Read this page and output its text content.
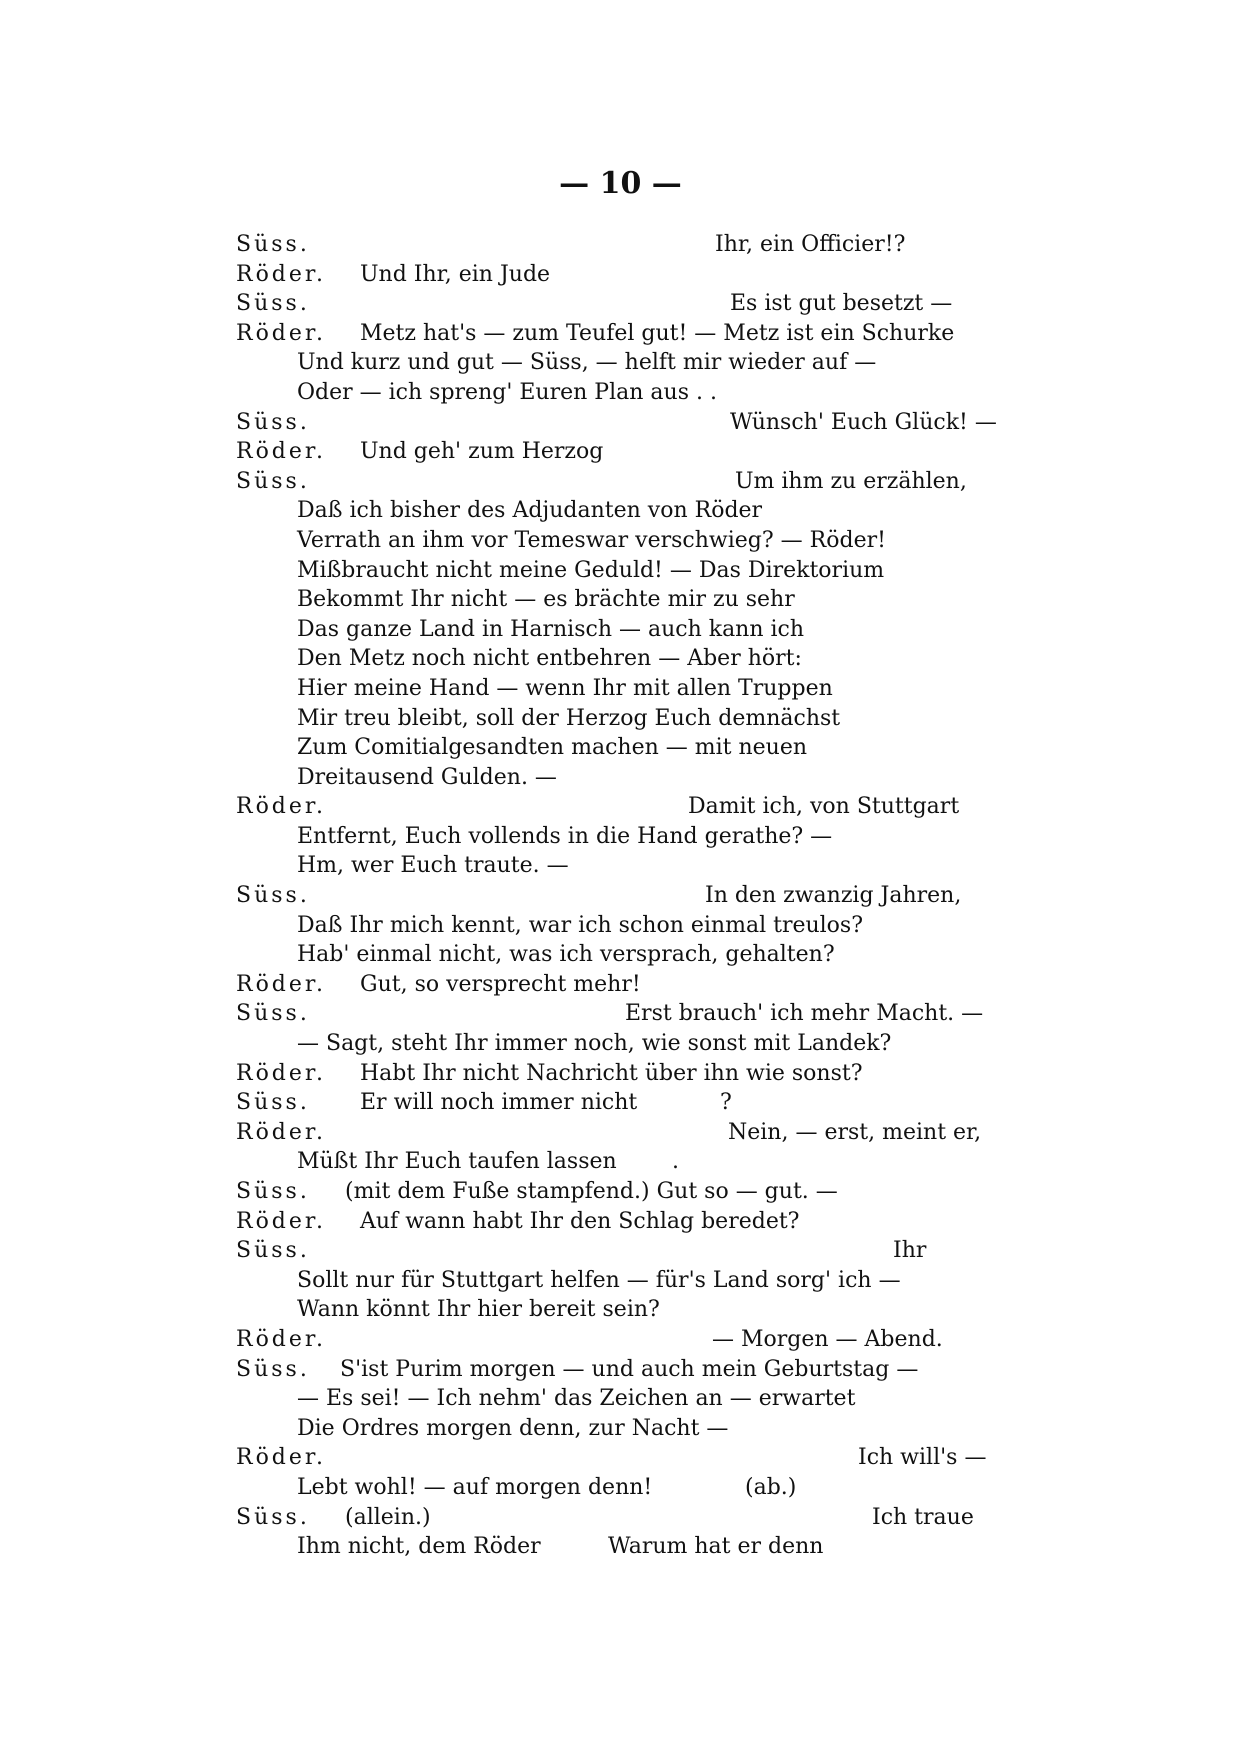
— 10 —
Süss.	Ihr, ein Officier!?
Röder. Und Ihr, ein Jude
Süss.	Es ist gut besetzt —
Röder. Metz hat's — zum Teufel gut! — Metz ist ein Schurke
Und kurz und gut — Süss, — helft mir wieder auf —
Oder — ich spreng' Euren Plan aus . .
Süss.	Wünsch' Euch Glück! —
Röder. Und geh' zum Herzog
Süss.	Um ihm zu erzählen,
Daß ich bisher des Adjudanten von Röder
Verrath an ihm vor Temeswar verschwieg? — Röder!
Mißbraucht nicht meine Geduld! — Das Direktorium
Bekommt Ihr nicht — es brächte mir zu sehr
Das ganze Land in Harnisch — auch kann ich
Den Metz noch nicht entbehren — Aber hört:
Hier meine Hand — wenn Ihr mit allen Truppen
Mir treu bleibt, soll der Herzog Euch demnächst
Zum Comitialgesandten machen — mit neuen
Dreitausend Gulden. —
Röder.	Damit ich, von Stuttgart
Entfernt, Euch vollends in die Hand gerathe? —
Hm, wer Euch traute. —
Süss.	In den zwanzig Jahren,
Daß Ihr mich kennt, war ich schon einmal treulos?
Hab' einmal nicht, was ich versprach, gehalten?
Röder. Gut, so versprecht mehr!
Süss.	Erst brauch' ich mehr Macht. —
— Sagt, steht Ihr immer noch, wie sonst mit Landek?
Röder. Habt Ihr nicht Nachricht über ihn wie sonst?
Süss. Er will noch immer nicht	?
Röder.	Nein, — erst, meint er,
Müßt Ihr Euch taufen lassen	.
Süss. (mit dem Fuße stampfend.) Gut so — gut. —
Röder. Auf wann habt Ihr den Schlag beredet?
Süss.	Ihr
Sollt nur für Stuttgart helfen — für's Land sorg' ich —
Wann könnt Ihr hier bereit sein?
Röder.	— Morgen — Abend.
Süss. S'ist Purim morgen — und auch mein Geburtstag —
— Es sei! — Ich nehm' das Zeichen an — erwartet
Die Ordres morgen denn, zur Nacht —
Röder.	Ich will's —
Lebt wohl! — auf morgen denn!	(ab.)
Süss. (allein.)	Ich traue
Ihm nicht, dem Röder	Warum hat er denn
